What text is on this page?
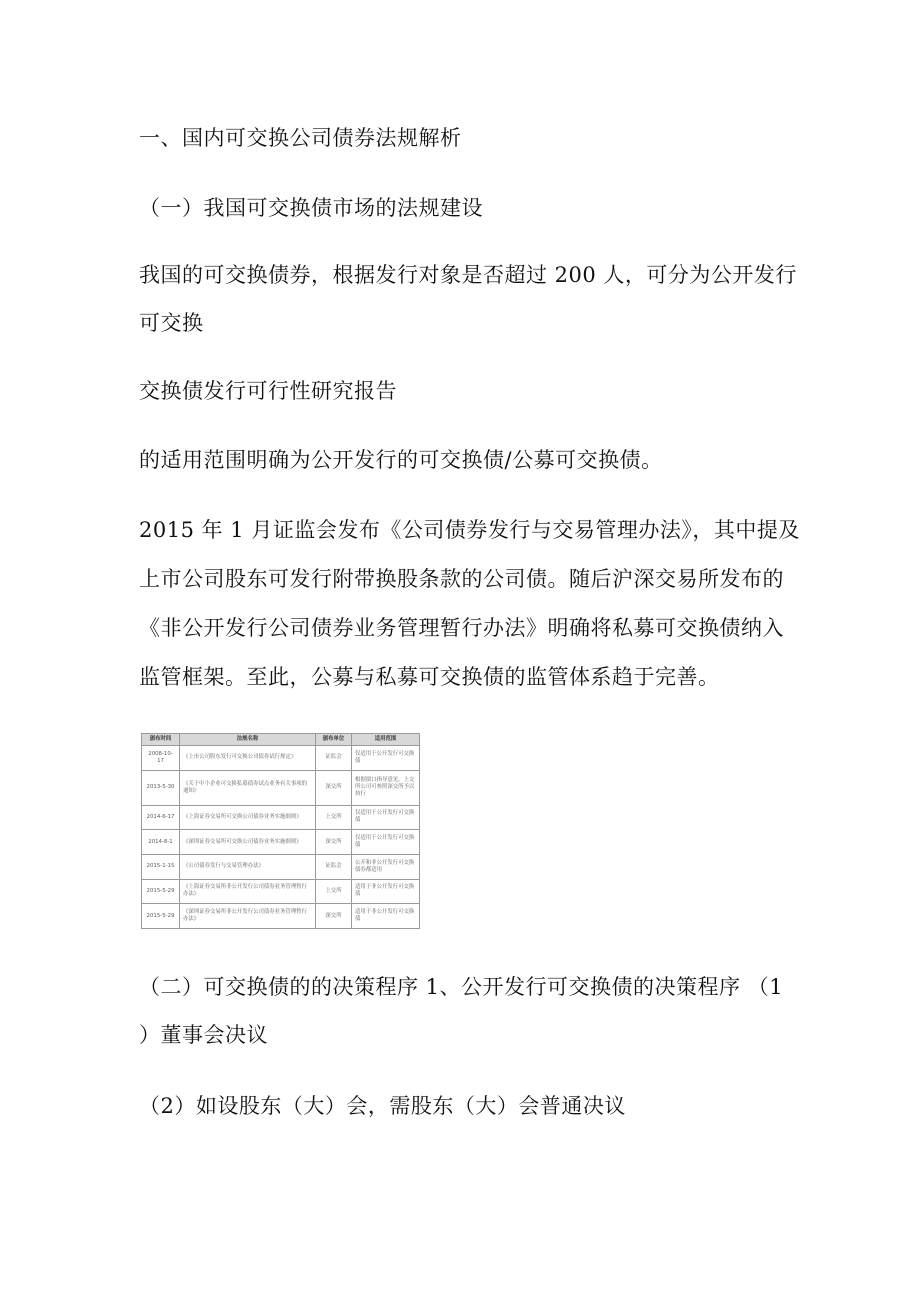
一、国内可交换公司债券法规解析

（一）我国可交换债市场的法规建设

我国的可交换债券，根据发行对象是否超过 200 人，可分为公开发行

可交换

交换债发行可行性研究报告

的适用范围明确为公开发行的可交换债/公募可交换债。

2015 年 1 月证监会发布《公司债券发行与交易管理办法》，其中提及

上市公司股东可发行附带换股条款的公司债。随后沪深交易所发布的

《非公开发行公司债券业务管理暂行办法》明确将私募可交换债纳入

监管框架。至此，公募与私募可交换债的监管体系趋于完善。

颁布时间	法规名称	颁布单位	适用范围
2008-10-17	《上市公司股东发行可交换公司债券试行规定》	证监会	仅适用于公开发行可交换债
2013-5-30	《关于中小企业可交换私募债券试点业务有关事项的通知》	深交所	根据窗口指导意见，上交所公司可参照深交所予以执行
2014-6-17	《上海证券交易所可交换公司债券业务实施细则》	上交所	仅适用于公开发行可交换债
2014-8-1	《深圳证券交易所可交换公司债券业务实施细则》	深交所	仅适用于公开发行可交换债
2015-1-15	《公司债券发行与交易管理办法》	证监会	公开和非公开发行可交换债券都适用
2015-5-29	《上海证券交易所非公开发行公司债券业务管理暂行办法》	上交所	适用于非公开发行可交换债
2015-5-29	《深圳证券交易所非公开发行公司债券业务管理暂行办法》	深交所	适用于非公开发行可交换债

（二）可交换债的的决策程序 1、公开发行可交换债的决策程序 （1

）董事会决议

（2）如设股东（大）会，需股东（大）会普通决议
